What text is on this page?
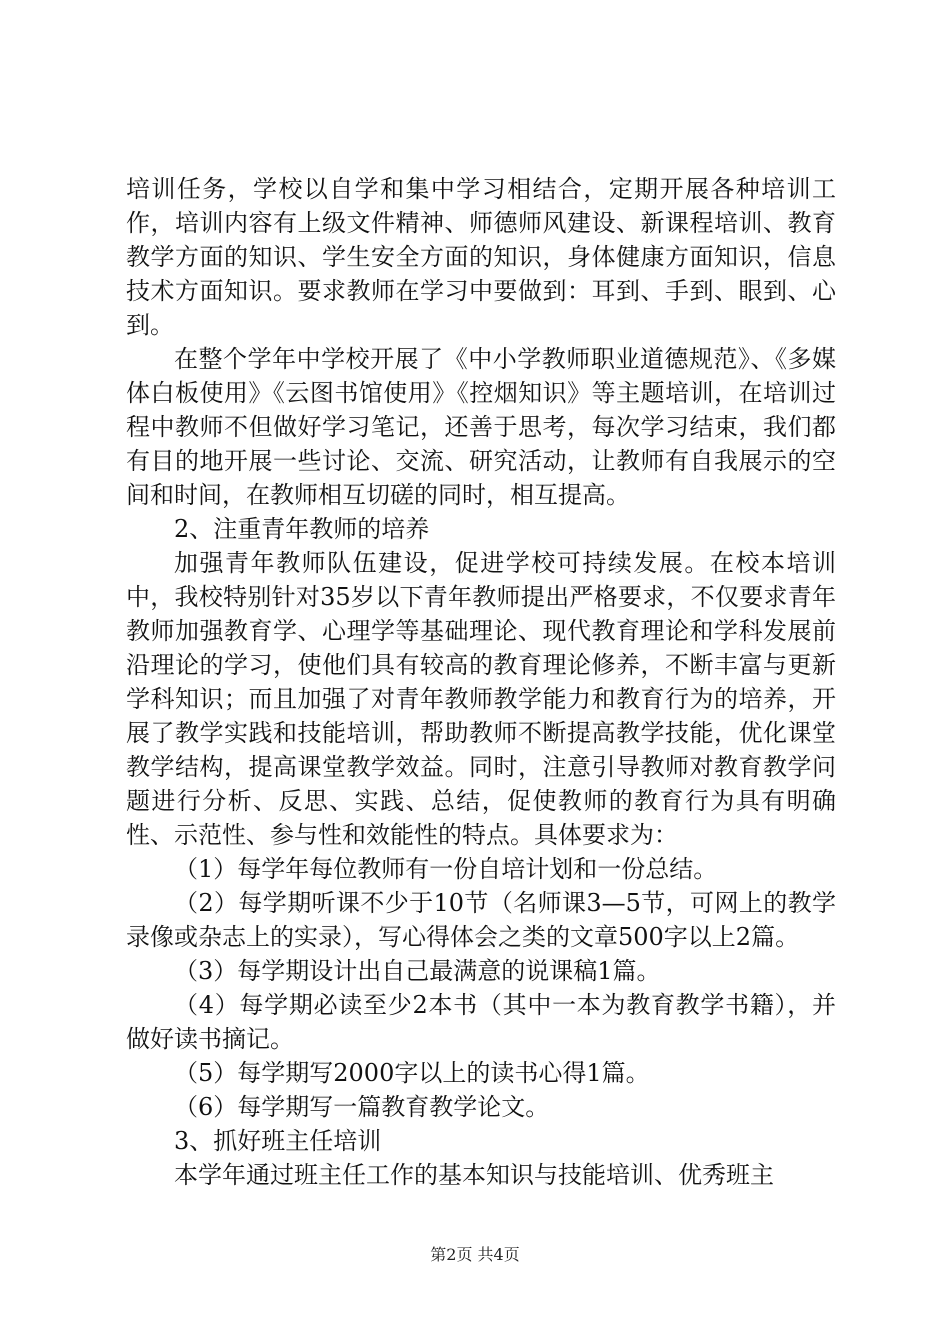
培训任务，学校以自学和集中学习相结合，定期开展各种培训工作，培训内容有上级文件精神、师德师风建设、新课程培训、教育教学方面的知识、学生安全方面的知识，身体健康方面知识，信息技术方面知识。要求教师在学习中要做到：耳到、手到、眼到、心到。

在整个学年中学校开展了《中小学教师职业道德规范》、《多媒体白板使用》《云图书馆使用》《控烟知识》等主题培训，在培训过程中教师不但做好学习笔记，还善于思考，每次学习结束，我们都有目的地开展一些讨论、交流、研究活动，让教师有自我展示的空间和时间，在教师相互切磋的同时，相互提高。

2、注重青年教师的培养

加强青年教师队伍建设，促进学校可持续发展。在校本培训中，我校特别针对35岁以下青年教师提出严格要求，不仅要求青年教师加强教育学、心理学等基础理论、现代教育理论和学科发展前沿理论的学习，使他们具有较高的教育理论修养，不断丰富与更新学科知识；而且加强了对青年教师教学能力和教育行为的培养，开展了教学实践和技能培训，帮助教师不断提高教学技能，优化课堂教学结构，提高课堂教学效益。同时，注意引导教师对教育教学问题进行分析、反思、实践、总结，促使教师的教育行为具有明确性、示范性、参与性和效能性的特点。具体要求为：

（1）每学年每位教师有一份自培计划和一份总结。

（2）每学期听课不少于10节（名师课3—5节，可网上的教学录像或杂志上的实录），写心得体会之类的文章500字以上2篇。

（3）每学期设计出自己最满意的说课稿1篇。

（4）每学期必读至少2本书（其中一本为教育教学书籍），并做好读书摘记。

（5）每学期写2000字以上的读书心得1篇。

（6）每学期写一篇教育教学论文。

3、抓好班主任培训

本学年通过班主任工作的基本知识与技能培训、优秀班主

第2页 共4页
